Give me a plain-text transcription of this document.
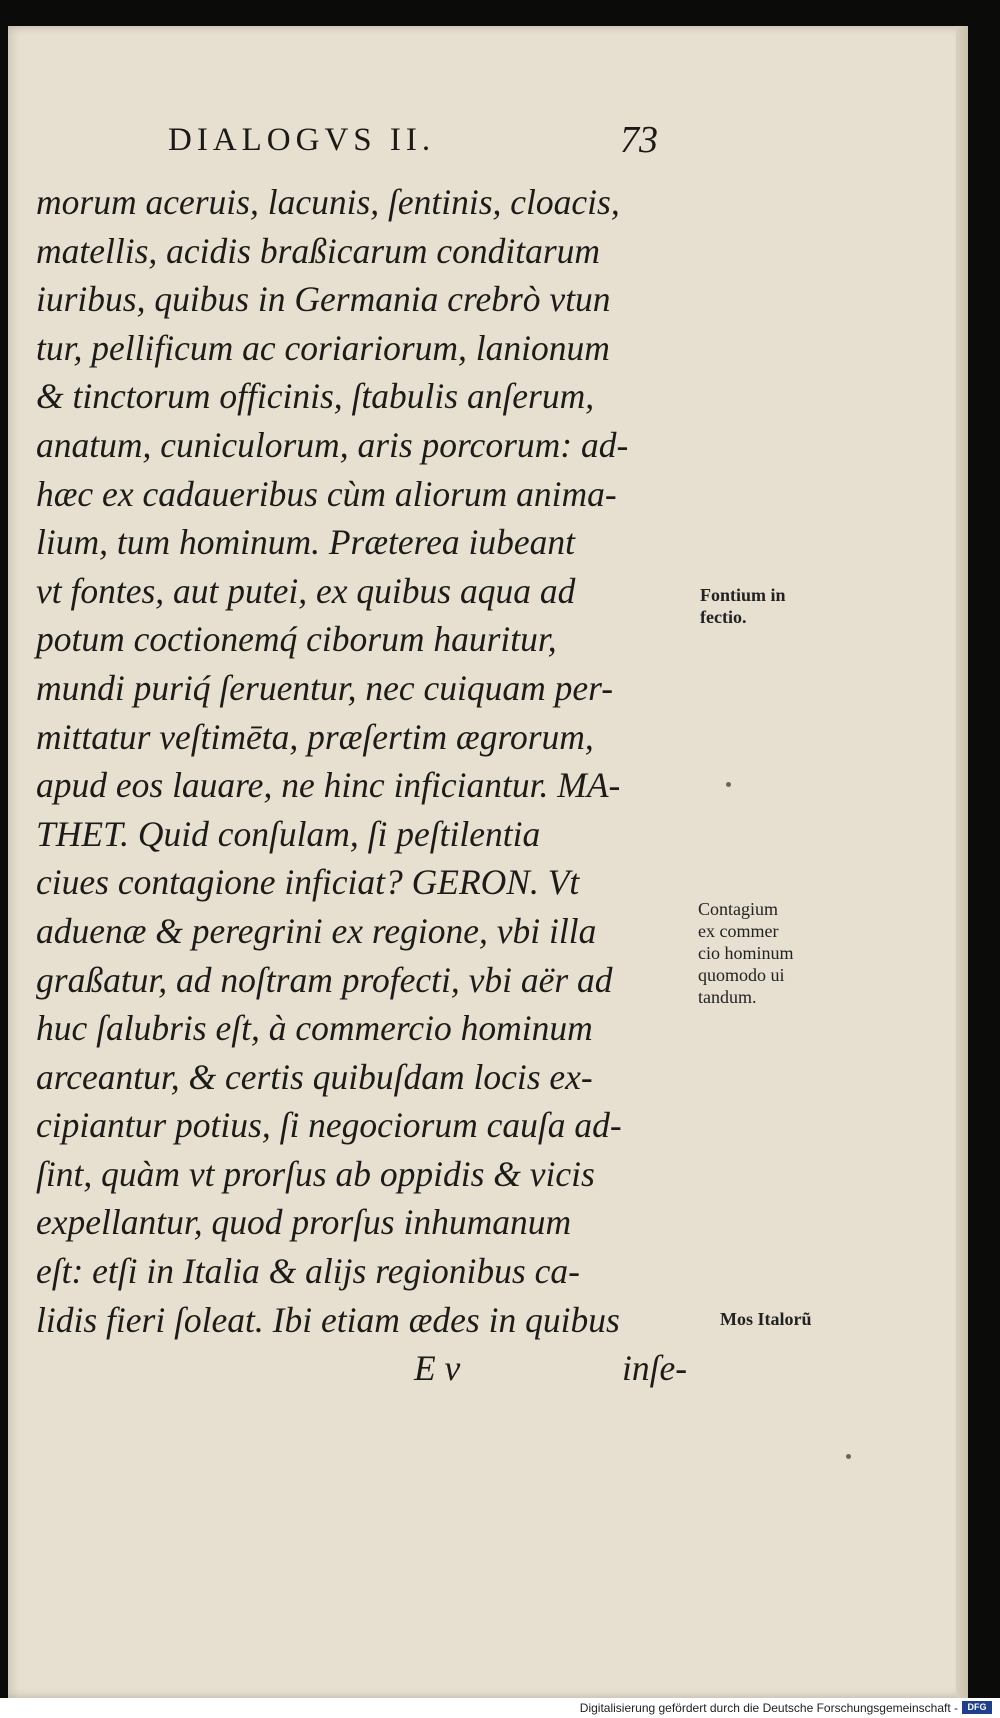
DIALOGVS II.	73
morum aceruis, lacunis, ſentinis, cloacis,
matellis, acidis braßicarum conditarum
iuribus, quibus in Germania crebrò vtun
tur, pellificum ac coriariorum, lanionum
& tinctorum officinis, ſtabulis anſerum,
anatum, cuniculorum, aris porcorum: ad-
hæc ex cadaueribus cùm aliorum anima-
lium, tum hominum. Præterea iubeant
vt fontes, aut putei, ex quibus aqua ad
potum coctionemq́ ciborum hauritur,
mundi puriq́ ſeruentur, nec cuiquam per-
mittatur veſtimēta, præſertim ægrorum,
apud eos lauare, ne hinc inficiantur. MA-
THET. Quid conſulam, ſi peſtilentia
ciues contagione inficiat? GERON. Vt
aduenæ & peregrini ex regione, vbi illa
graßatur, ad noſtram profecti, vbi aër ad
huc ſalubris eſt, à commercio hominum
arceantur, & certis quibuſdam locis ex-
cipiantur potius, ſi negociorum cauſa ad-
ſint, quàm vt prorſus ab oppidis & vicis
expellantur, quod prorſus inhumanum
eſt: etſi in Italia & alijs regionibus ca-
lidis fieri ſoleat. Ibi etiam ædes in quibus
E v	inſe-
Fontium in
fectio.
Contagium
ex commer
cio hominum
quomodo ui
tandum.
Mos Italorũ
Digitalisierung gefördert durch die Deutsche Forschungsgemeinschaft -	DFG
